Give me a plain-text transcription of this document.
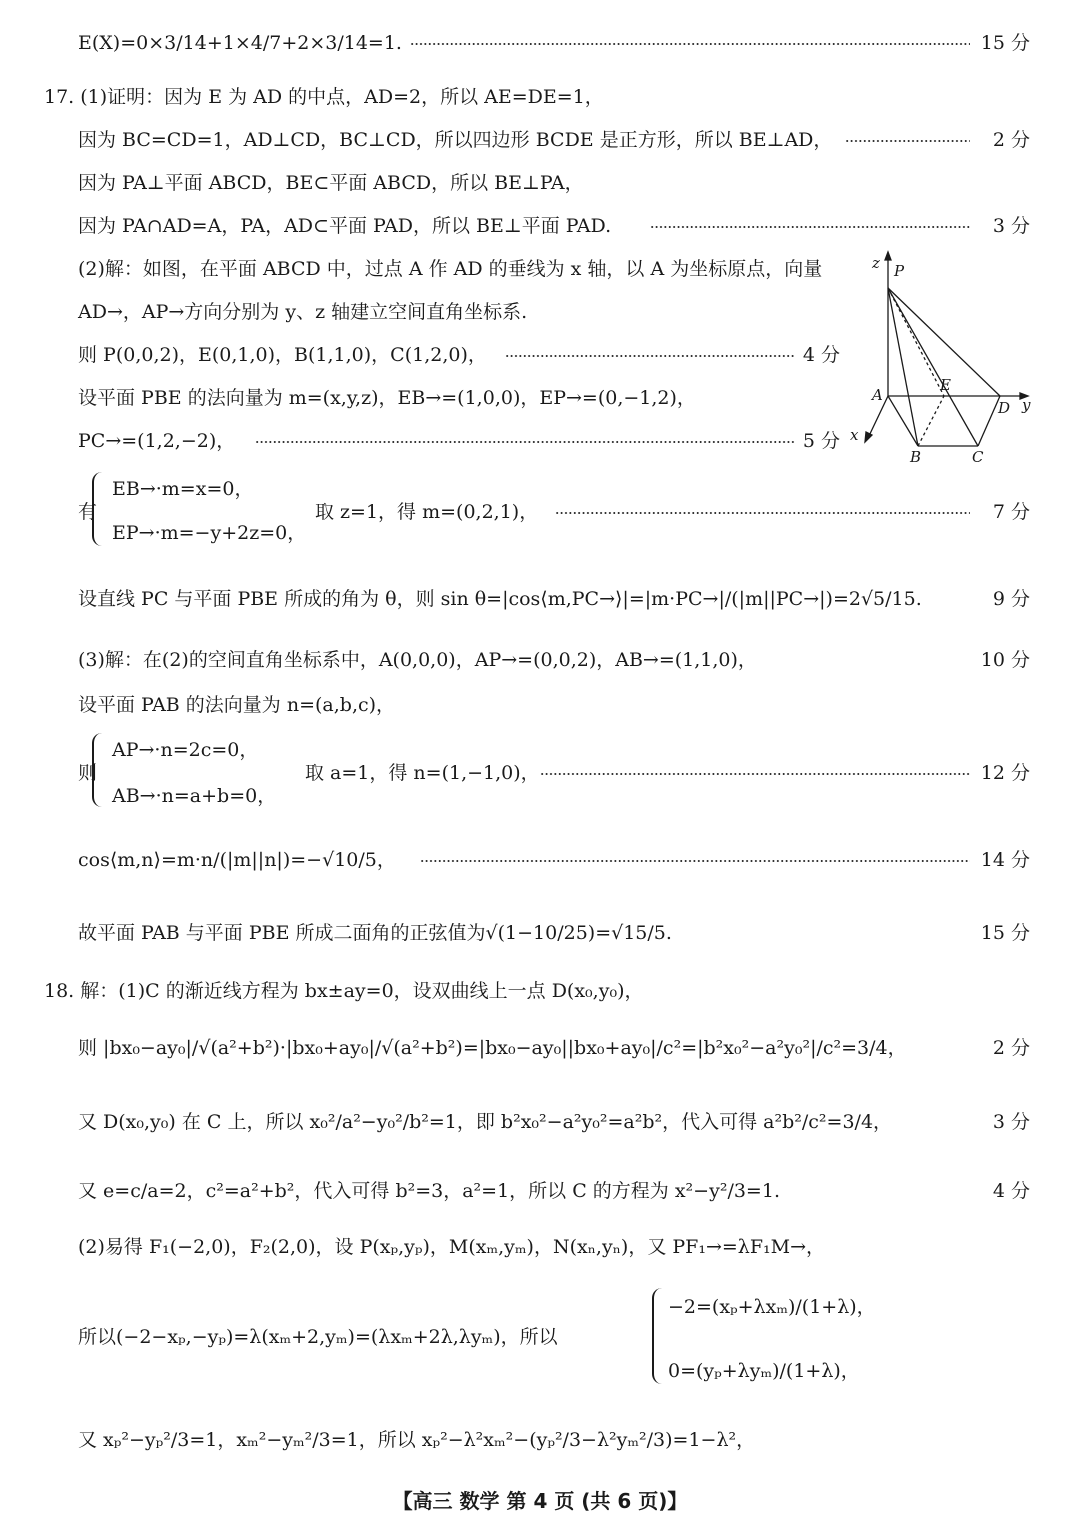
E(X)=0×3/14+1×4/7+2×3/14=1.	15 分
17. (1)证明：因为 E 为 AD 的中点，AD=2，所以 AE=DE=1，
因为 BC=CD=1，AD⊥CD，BC⊥CD，所以四边形 BCDE 是正方形，所以 BE⊥AD，	2 分
因为 PA⊥平面 ABCD，BE⊂平面 ABCD，所以 BE⊥PA，
因为 PA∩AD=A，PA，AD⊂平面 PAD，所以 BE⊥平面 PAD.	3 分
(2)解：如图，在平面 ABCD 中，过点 A 作 AD 的垂线为 x 轴，以 A 为坐标原点，向量
AD→，AP→方向分别为 y、z 轴建立空间直角坐标系.
则 P(0,0,2)，E(0,1,0)，B(1,1,0)，C(1,2,0)，	4 分
设平面 PBE 的法向量为 m=(x,y,z)，EB→=(1,0,0)，EP→=(0,−1,2)，
PC→=(1,2,−2)，	5 分
有
EB→·m=x=0，
EP→·m=−y+2z=0，
取 z=1，得 m=(0,2,1)，	7 分
设直线 PC 与平面 PBE 所成的角为 θ，则 sin θ=|cos⟨m,PC→⟩|=|m·PC→|/(|m||PC→|)=2√5/15.	9 分
(3)解：在(2)的空间直角坐标系中，A(0,0,0)，AP→=(0,0,2)，AB→=(1,1,0)，	10 分
设平面 PAB 的法向量为 n=(a,b,c)，
则
AP→·n=2c=0，
AB→·n=a+b=0，
取 a=1，得 n=(1,−1,0)，	12 分
cos⟨m,n⟩=m·n/(|m||n|)=−√10/5，	14 分
故平面 PAB 与平面 PBE 所成二面角的正弦值为√(1−10/25)=√15/5.	15 分
18. 解：(1)C 的渐近线方程为 bx±ay=0，设双曲线上一点 D(x₀,y₀)，
则 |bx₀−ay₀|/√(a²+b²)·|bx₀+ay₀|/√(a²+b²)=|bx₀−ay₀||bx₀+ay₀|/c²=|b²x₀²−a²y₀²|/c²=3/4，	2 分
又 D(x₀,y₀) 在 C 上，所以 x₀²/a²−y₀²/b²=1，即 b²x₀²−a²y₀²=a²b²，代入可得 a²b²/c²=3/4，	3 分
又 e=c/a=2，c²=a²+b²，代入可得 b²=3，a²=1，所以 C 的方程为 x²−y²/3=1.	4 分
(2)易得 F₁(−2,0)，F₂(2,0)，设 P(xₚ,yₚ)，M(xₘ,yₘ)，N(xₙ,yₙ)，又 PF₁→=λF₁M→，
所以(−2−xₚ,−yₚ)=λ(xₘ+2,yₘ)=(λxₘ+2λ,λyₘ)，所以
−2=(xₚ+λxₘ)/(1+λ)，
0=(yₚ+λyₘ)/(1+λ)，
又 xₚ²−yₚ²/3=1，xₘ²−yₘ²/3=1，所以 xₚ²−λ²xₘ²−(yₚ²/3−λ²yₘ²/3)=1−λ²，
z P
A
E
D y
x
B	C
【高三 数学 第 4 页 (共 6 页)】
